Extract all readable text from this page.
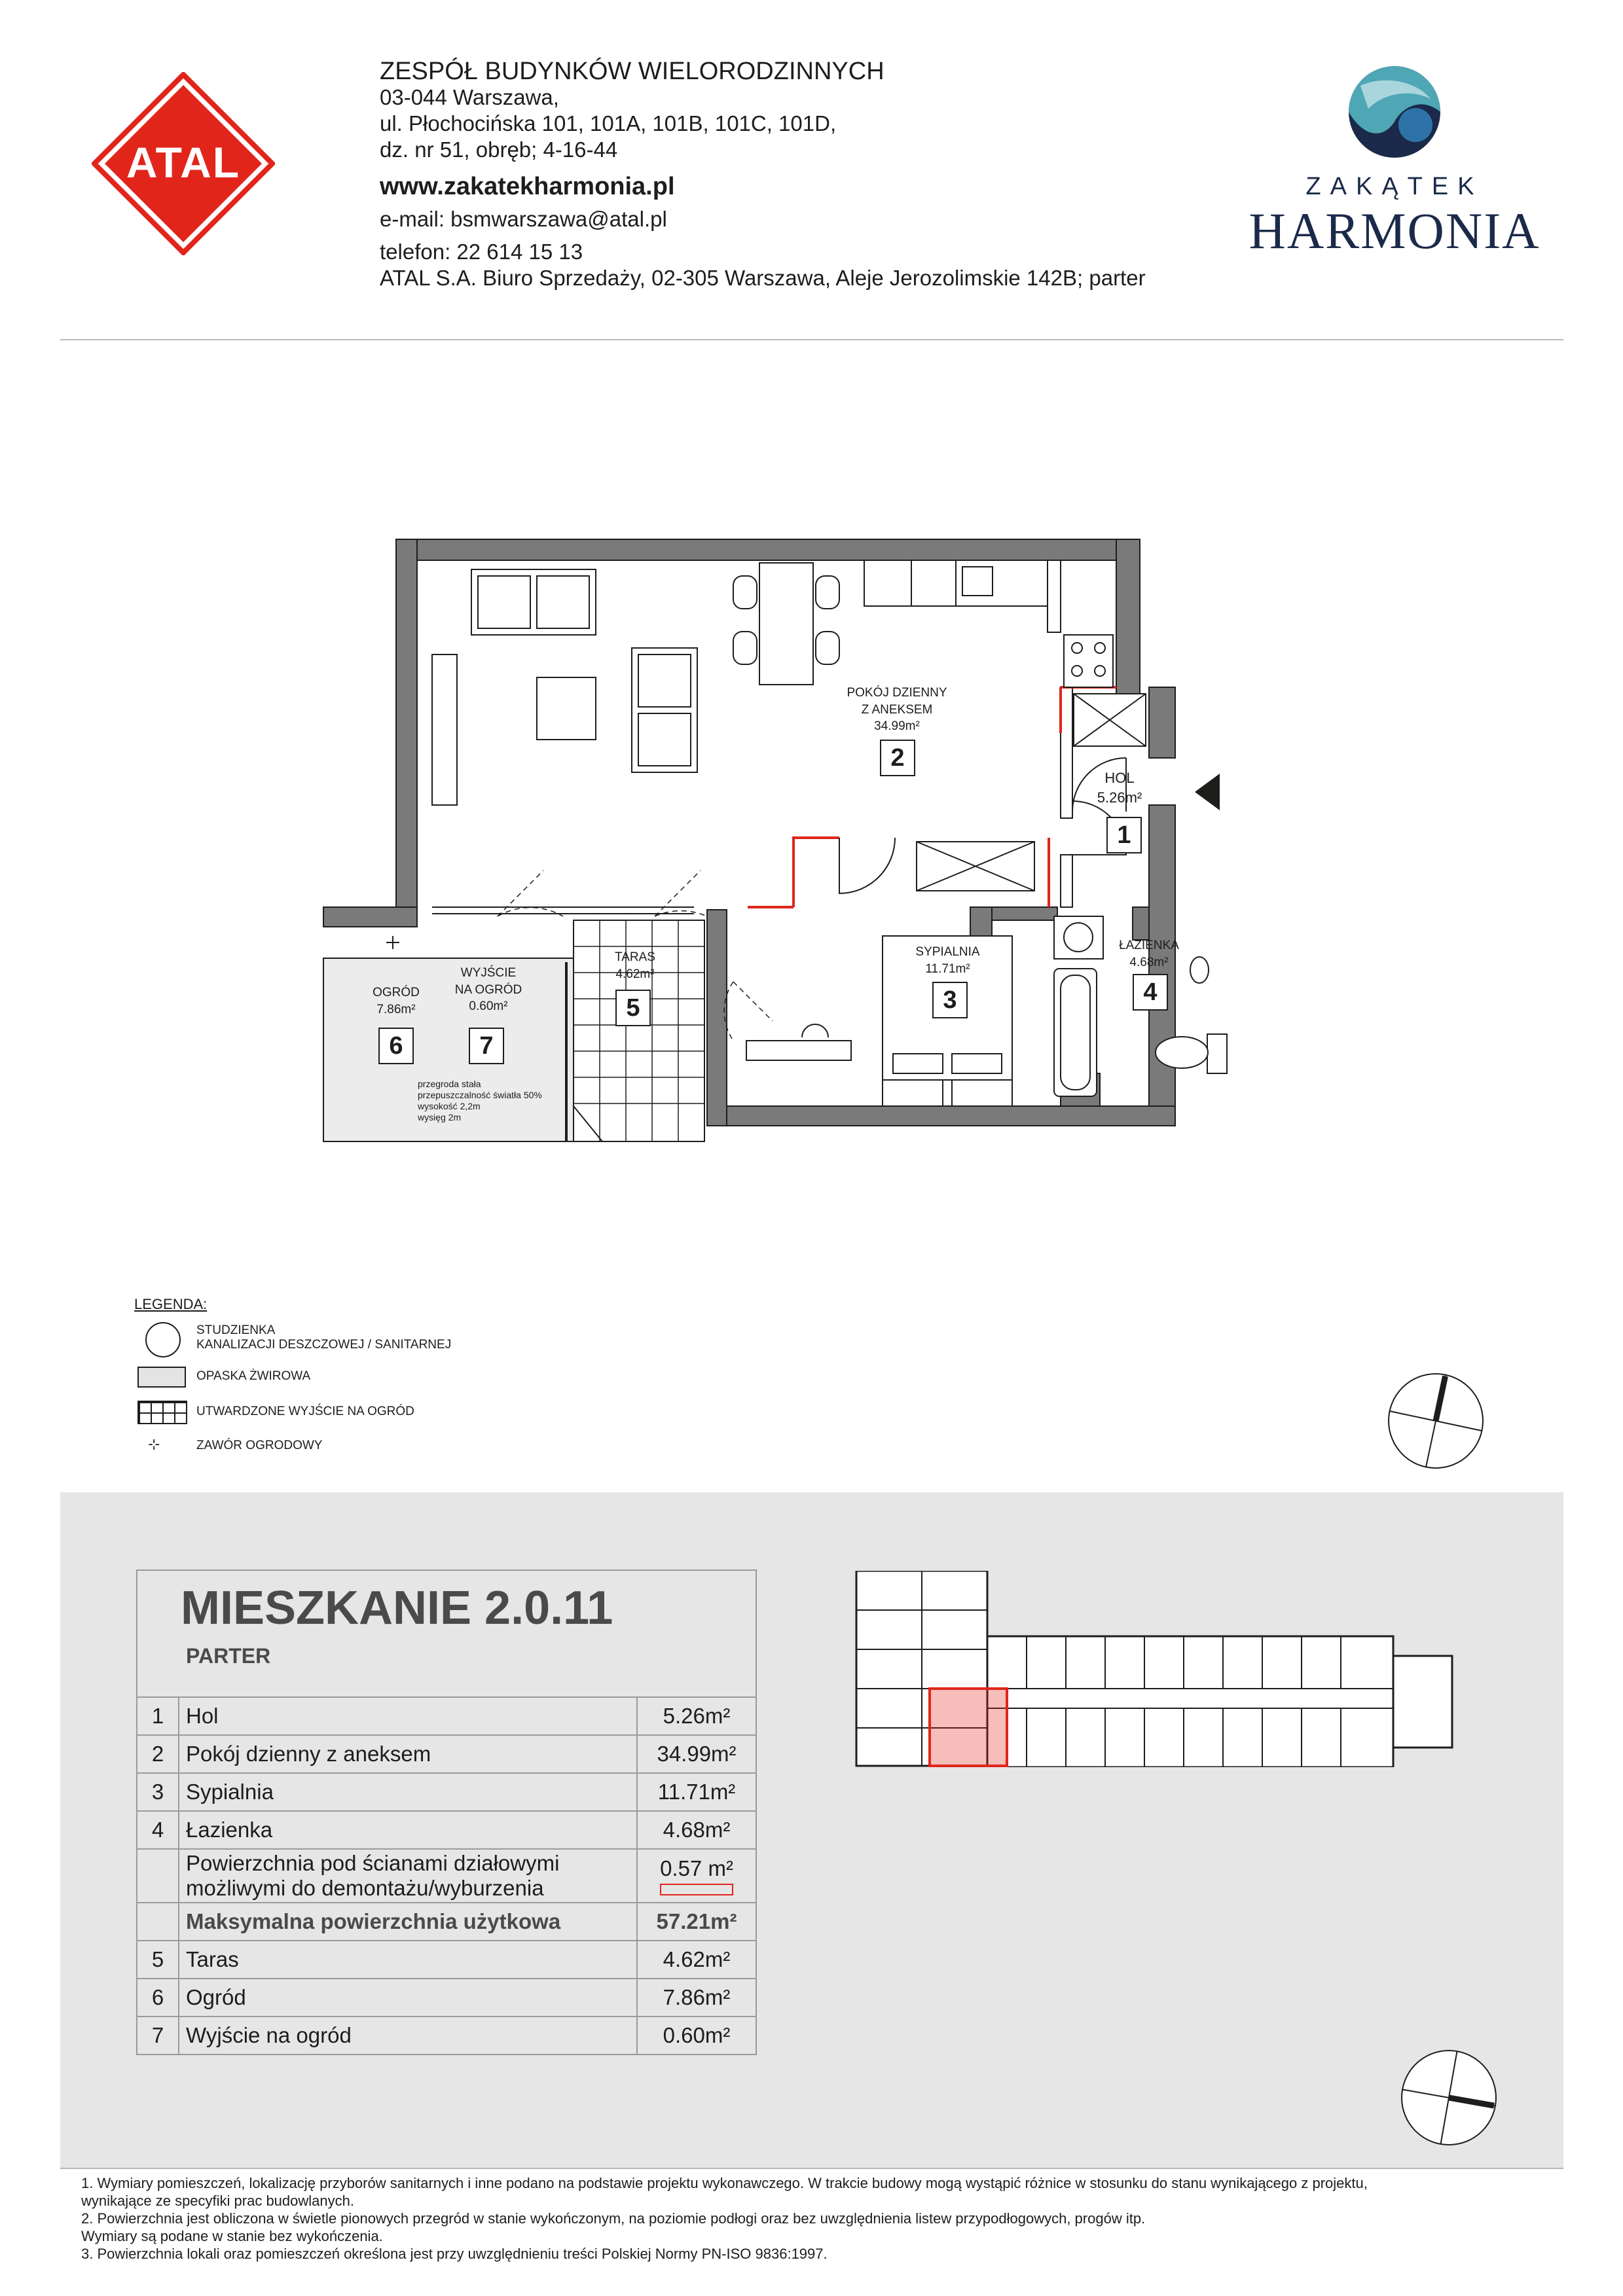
ATAL
ZESPÓŁ BUDYNKÓW WIELORODZINNYCH
03-044 Warszawa,
ul. Płochocińska 101, 101A, 101B, 101C, 101D,
dz. nr 51, obręb; 4-16-44
www.zakatekharmonia.pl
e-mail: bsmwarszawa@atal.pl
telefon: 22 614 15 13
ATAL S.A. Biuro Sprzedaży, 02-305 Warszawa, Aleje Jerozolimskie 142B; parter
ZAKĄTEK
HARMONIA
POKÓJ DZIENNY
Z ANEKSEM
34.99m²
2
HOL
5.26m²
1
SYPIALNIA
11.71m²
3
ŁAZIENKA
4.68m²
4
TARAS
4.62m²
5
OGRÓD
7.86m²
6
WYJŚCIE
NA OGRÓD
0.60m²
7
przegroda stała
przepuszczalność światła 50%
wysokość 2,2m
wysięg 2m
LEGENDA:
STUDZIENKA
KANALIZACJI DESZCZOWEJ / SANITARNEJ
OPASKA ŻWIROWA
UTWARDZONE WYJŚCIE NA OGRÓD
⊹	ZAWÓR OGRODOWY
MIESZKANIE 2.0.11
PARTER
1	Hol	5.26m²
2	Pokój dzienny z aneksem	34.99m²
3	Sypialnia	11.71m²
4	Łazienka	4.68m²

	Powierzchnia pod ścianami działowymi
możliwymi do demontażu/wyburzenia	0.57 m²

	Maksymalna powierzchnia użytkowa	57.21m²
5	Taras	4.62m²
6	Ogród	7.86m²
7	Wyjście na ogród	0.60m²
1. Wymiary pomieszczeń, lokalizację przyborów sanitarnych i inne podano na podstawie projektu wykonawczego. W trakcie budowy mogą wystąpić różnice w stosunku do stanu wynikającego z projektu,
wynikające ze specyfiki prac budowlanych.
2. Powierzchnia jest obliczona w świetle pionowych przegród w stanie wykończonym, na poziomie podłogi oraz bez uwzględnienia listew przypodłogowych, progów itp.
Wymiary są podane w stanie bez wykończenia.
3. Powierzchnia lokali oraz pomieszczeń określona jest przy uwzględnieniu treści Polskiej Normy PN-ISO 9836:1997.
